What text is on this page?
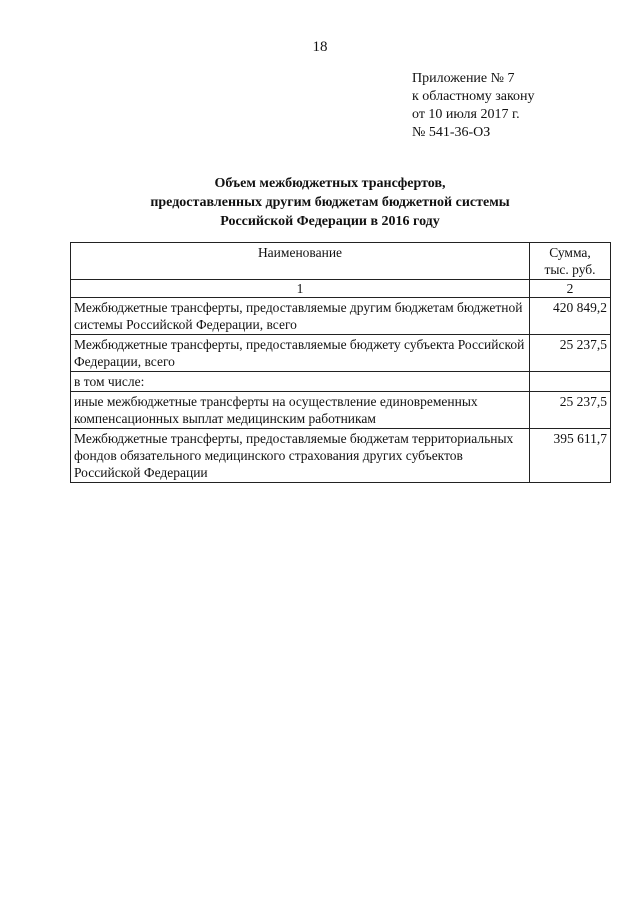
18
Приложение № 7
к областному закону
от 10 июля 2017 г.
№ 541-36-ОЗ
Объем межбюджетных трансфертов,
предоставленных другим бюджетам бюджетной системы
Российской Федерации в 2016 году
Наименование	Сумма,
тыс. руб.

1	2
Межбюджетные трансферты, предоставляемые другим бюджетам бюджетной системы Российской Федерации, всего	420 849,2
Межбюджетные трансферты, предоставляемые бюджету субъекта Российской Федерации, всего	25 237,5
в том числе:	
иные межбюджетные трансферты на осуществление единовременных компенсационных выплат медицинским работникам	25 237,5
Межбюджетные трансферты, предоставляемые бюджетам территориальных фондов обязательного медицинского страхования других субъектов Российской Федерации	395 611,7
